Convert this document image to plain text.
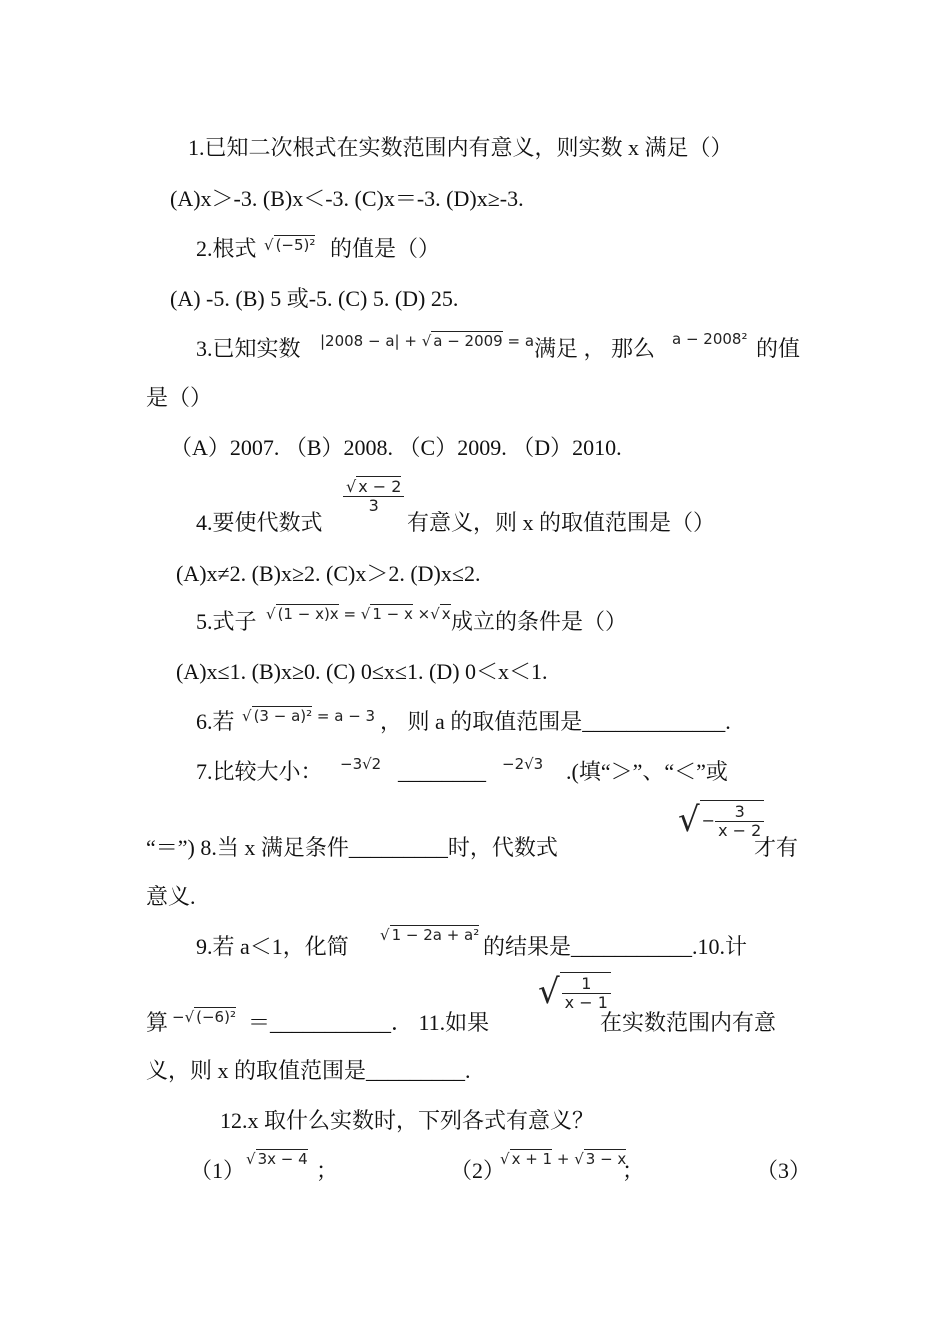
1.已知二次根式在实数范围内有意义，则实数 x 满足（）
(A)x＞-3. (B)x＜-3. (C)x＝-3. (D)x≥-3.
2.根式 √	(−5)² 的值是（）
(A) -5. (B) 5 或-5. (C) 5. (D) 25.
3.已知实数 |2008 − a| + √ a − 2009 = a 满足 ， 那么 a − 2008² 的值
是（）
（A）2007. （B）2008. （C）2009. （D）2010.
√ $\frac{x - 2}{3}$
4.要使代数式	有意义，则 x 的取值范围是（）
(A)x≠2. (B)x≥2. (C)x＞2. (D)x≤2.
5.式子 √	(1 − x)x = √ 1 − x × √ x 成立的条件是（）
(A)x≤1. (B)x≥0. (C) 0≤x≤1. (D) 0＜x＜1.
6.若 √	(3 − a)² = a − 3 ， 则 a 的取值范围是_____________.
7.比较大小： −3√2 ________ −2√3 .(填“＞”、“＜”或
“＝”) 8.当 x 满足条件_________时，代数式
√ − $\frac{3}{x - 2}$
才有
意义.
9.若 a＜1，化简 √	1 − 2a + a² 的结果是___________.10.计
算 − √ (−6)² ＝___________． 11.如果
√ $\frac{1}{x - 1}$
在实数范围内有意
义，则 x 的取值范围是_________.
12.x 取什么实数时，下列各式有意义？
（1） √ 3x − 4 ；	（2） √ x + 1 + √ 3 − x
；	（3）
